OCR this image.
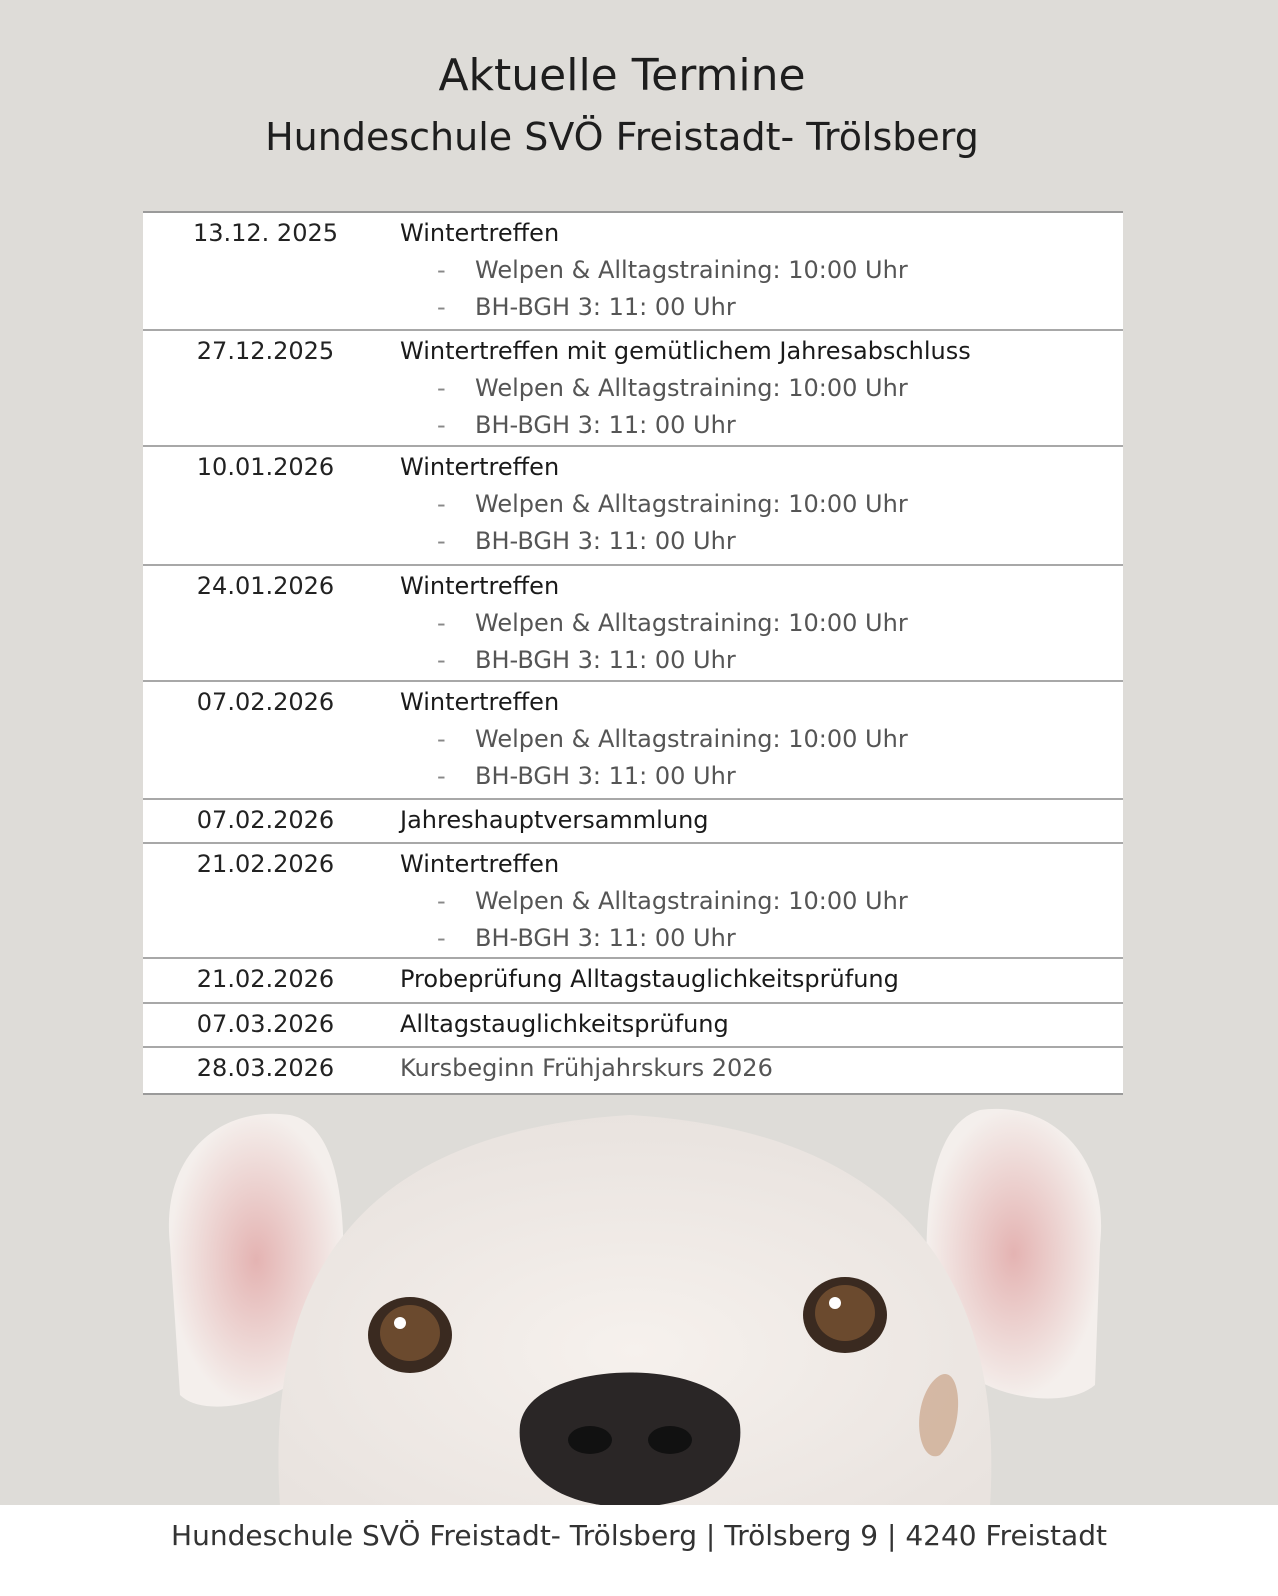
Aktuelle Termine
Hundeschule SVÖ Freistadt- Trölsberg
13.12. 2025	Wintertreffen
-	Welpen & Alltagstraining: 10:00 Uhr
-	BH-BGH 3: 11: 00 Uhr
27.12.2025	Wintertreffen mit gemütlichem Jahresabschluss
-	Welpen & Alltagstraining: 10:00 Uhr
-	BH-BGH 3: 11: 00 Uhr
10.01.2026	Wintertreffen
-	Welpen & Alltagstraining: 10:00 Uhr
-	BH-BGH 3: 11: 00 Uhr
24.01.2026	Wintertreffen
-	Welpen & Alltagstraining: 10:00 Uhr
-	BH-BGH 3: 11: 00 Uhr
07.02.2026	Wintertreffen
-	Welpen & Alltagstraining: 10:00 Uhr
-	BH-BGH 3: 11: 00 Uhr
07.02.2026	Jahreshauptversammlung
21.02.2026	Wintertreffen
-	Welpen & Alltagstraining: 10:00 Uhr
-	BH-BGH 3: 11: 00 Uhr
21.02.2026	Probeprüfung Alltagstauglichkeitsprüfung
07.03.2026	Alltagstauglichkeitsprüfung
28.03.2026	Kursbeginn Frühjahrskurs 2026
Hundeschule SVÖ Freistadt- Trölsberg | Trölsberg 9 | 4240 Freistadt
